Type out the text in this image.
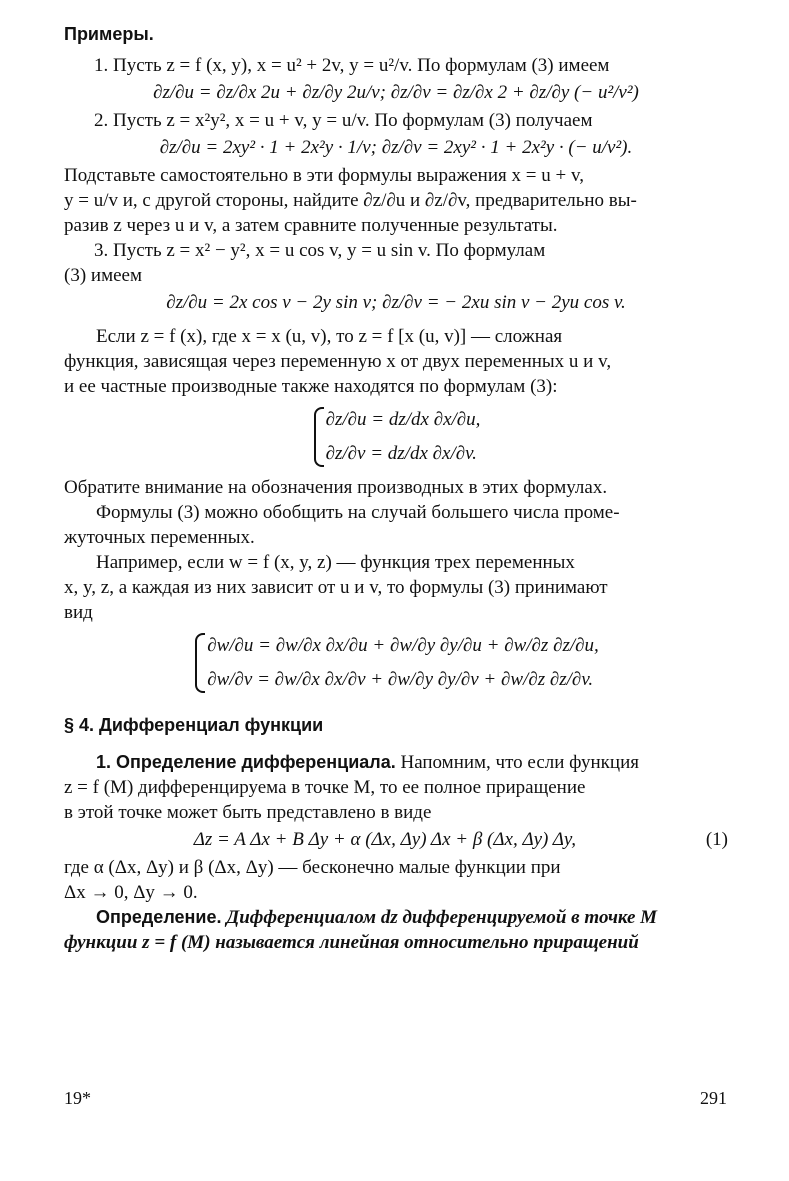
Примеры.
1. Пусть z = f (x, y), x = u² + 2v, y = u²/v. По формулам (3) имеем
∂z/∂u = ∂z/∂x 2u + ∂z/∂y 2u/v; ∂z/∂v = ∂z/∂x 2 + ∂z/∂y (− u²/v²)
2. Пусть z = x²y², x = u + v, y = u/v. По формулам (3) получаем
∂z/∂u = 2xy² · 1 + 2x²y · 1/v; ∂z/∂v = 2xy² · 1 + 2x²y · (− u/v²).
Подставьте самостоятельно в эти формулы выражения x = u + v,
y = u/v и, с другой стороны, найдите ∂z/∂u и ∂z/∂v, предварительно вы-
разив z через u и v, а затем сравните полученные результаты.
3. Пусть z = x² − y², x = u cos v, y = u sin v. По формулам
(3) имеем
∂z/∂u = 2x cos v − 2y sin v; ∂z/∂v = − 2xu sin v − 2yu cos v.
Если z = f (x), где x = x (u, v), то z = f [x (u, v)] — сложная
функция, зависящая через переменную x от двух переменных u и v,
и ее частные производные также находятся по формулам (3):
∂z/∂u = dz/dx ∂x/∂u,
∂z/∂v = dz/dx ∂x/∂v.
Обратите внимание на обозначения производных в этих формулах.
Формулы (3) можно обобщить на случай большего числа проме-
жуточных переменных.
Например, если w = f (x, y, z) — функция трех переменных
x, y, z, а каждая из них зависит от u и v, то формулы (3) принимают
вид
∂w/∂u = ∂w/∂x ∂x/∂u + ∂w/∂y ∂y/∂u + ∂w/∂z ∂z/∂u,
∂w/∂v = ∂w/∂x ∂x/∂v + ∂w/∂y ∂y/∂v + ∂w/∂z ∂z/∂v.
§ 4. Дифференциал функции
1. Определение дифференциала. Напомним, что если функция
z = f (M) дифференцируема в точке M, то ее полное приращение
в этой точке может быть представлено в виде
Δz = A Δx + B Δy + α (Δx, Δy) Δx + β (Δx, Δy) Δy,	(1)
где α (Δx, Δy) и β (Δx, Δy) — бесконечно малые функции при
Δx → 0, Δy → 0.
Определение. Дифференциалом dz дифференцируемой в точке M
функции z = f (M) называется линейная относительно приращений
19*	291
